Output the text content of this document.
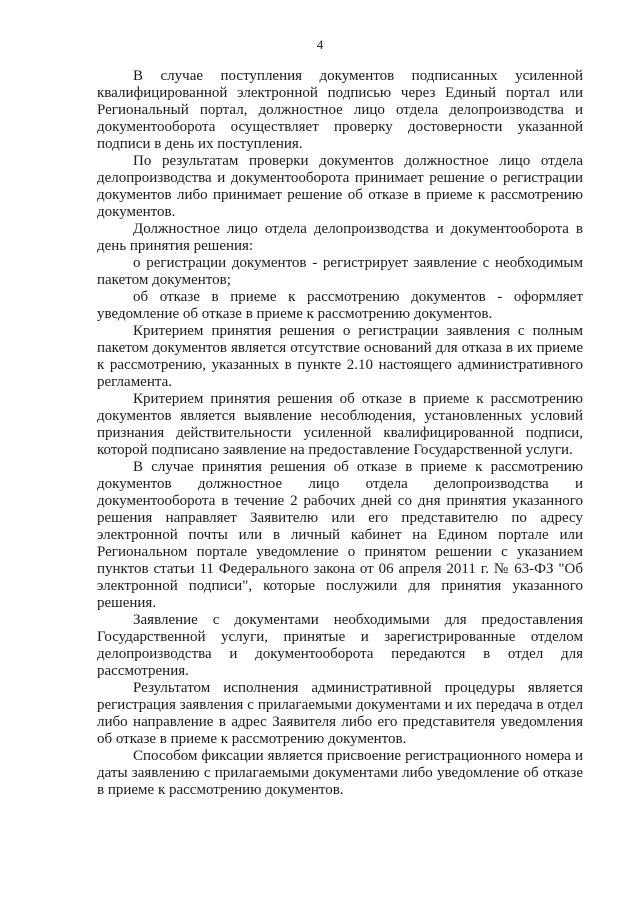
4

В случае поступления документов подписанных усиленной квалифицированной электронной подписью через Единый портал или Региональный портал, должностное лицо отдела делопроизводства и документооборота осуществляет проверку достоверности указанной подписи в день их поступления.

По результатам проверки документов должностное лицо отдела делопроизводства и документооборота принимает решение о регистрации документов либо принимает решение об отказе в приеме к рассмотрению документов.

Должностное лицо отдела делопроизводства и документооборота в день принятия решения:

о регистрации документов - регистрирует заявление с необходимым пакетом документов;

об отказе в приеме к рассмотрению документов - оформляет уведомление об отказе в приеме к рассмотрению документов.

Критерием принятия решения о регистрации заявления с полным пакетом документов является отсутствие оснований для отказа в их приеме к рассмотрению, указанных в пункте 2.10 настоящего административного регламента.

Критерием принятия решения об отказе в приеме к рассмотрению документов является выявление несоблюдения, установленных условий признания действительности усиленной квалифицированной подписи, которой подписано заявление на предоставление Государственной услуги.

В случае принятия решения об отказе в приеме к рассмотрению документов должностное лицо отдела делопроизводства и документооборота в течение 2 рабочих дней со дня принятия указанного решения направляет Заявителю или его представителю по адресу электронной почты или в личный кабинет на Едином портале или Региональном портале уведомление о принятом решении с указанием пунктов статьи 11 Федерального закона от 06 апреля 2011 г. № 63-ФЗ "Об электронной подписи", которые послужили для принятия указанного решения.

Заявление с документами необходимыми для предоставления Государственной услуги, принятые и зарегистрированные отделом делопроизводства и документооборота передаются в отдел для рассмотрения.

Результатом исполнения административной процедуры является регистрация заявления с прилагаемыми документами и их передача в отдел либо направление в адрес Заявителя либо его представителя уведомления об отказе в приеме к рассмотрению документов.

Способом фиксации является присвоение регистрационного номера и даты заявлению с прилагаемыми документами либо уведомление об отказе в приеме к рассмотрению документов.
